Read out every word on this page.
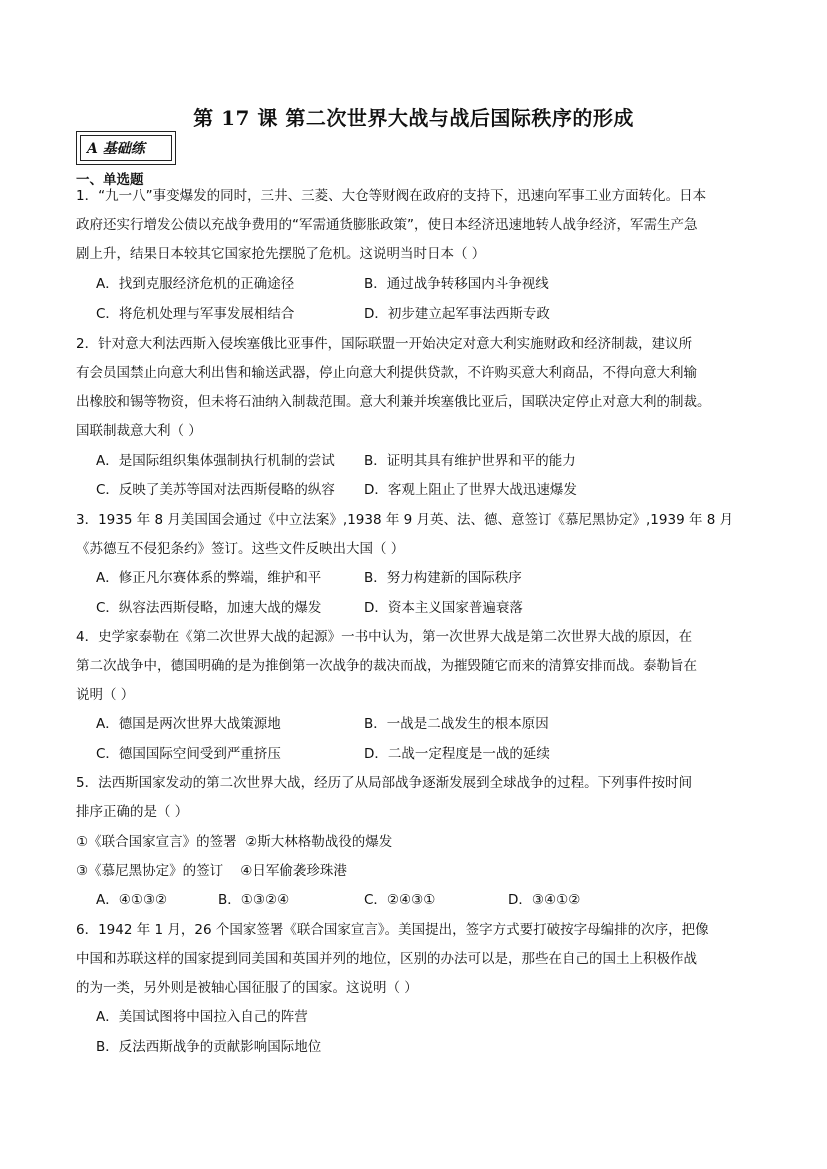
第 17 课 第二次世界大战与战后国际秩序的形成
A 基础练
一、单选题
1．“九一八”事变爆发的同时，三井、三菱、大仓等财阀在政府的支持下，迅速向军事工业方面转化。日本
政府还实行增发公债以充战争费用的“军需通货膨胀政策”，使日本经济迅速地转人战争经济，军需生产急
剧上升，结果日本较其它国家抢先摆脱了危机。这说明当时日本（ ）
A．找到克服经济危机的正确途径	B．通过战争转移国内斗争视线
C．将危机处理与军事发展相结合	D．初步建立起军事法西斯专政
2．针对意大利法西斯入侵埃塞俄比亚事件，国际联盟一开始决定对意大利实施财政和经济制裁，建议所
有会员国禁止向意大利出售和输送武器，停止向意大利提供贷款，不许购买意大利商品，不得向意大利输
出橡胶和锡等物资，但未将石油纳入制裁范围。意大利兼并埃塞俄比亚后，国联决定停止对意大利的制裁。
国联制裁意大利（ ）
A．是国际组织集体强制执行机制的尝试 B．证明其具有维护世界和平的能力
C．反映了美苏等国对法西斯侵略的纵容 D．客观上阻止了世界大战迅速爆发
3．1935 年 8 月美国国会通过《中立法案》,1938 年 9 月英、法、德、意签订《慕尼黑协定》,1939 年 8 月
《苏德互不侵犯条约》签订。这些文件反映出大国（ ）
A．修正凡尔赛体系的弊端，维护和平	B．努力构建新的国际秩序
C．纵容法西斯侵略，加速大战的爆发	D．资本主义国家普遍衰落
4．史学家泰勒在《第二次世界大战的起源》一书中认为，第一次世界大战是第二次世界大战的原因，在
第二次战争中，德国明确的是为推倒第一次战争的裁决而战，为摧毁随它而来的清算安排而战。泰勒旨在
说明（ ）
A．德国是两次世界大战策源地	B．一战是二战发生的根本原因
C．德国国际空间受到严重挤压	D．二战一定程度是一战的延续
5．法西斯国家发动的第二次世界大战，经历了从局部战争逐渐发展到全球战争的过程。下列事件按时间
排序正确的是（ ）
①《联合国家宣言》的签署  ②斯大林格勒战役的爆发
③《慕尼黑协定》的签订    ④日军偷袭珍珠港
A．④①③②	B．①③②④	C．②④③①	D．③④①②
6．1942 年 1 月，26 个国家签署《联合国家宣言》。美国提出，签字方式要打破按字母编排的次序，把像
中国和苏联这样的国家提到同美国和英国并列的地位，区别的办法可以是，那些在自己的国土上积极作战
的为一类，另外则是被轴心国征服了的国家。这说明（ ）
A．美国试图将中国拉入自己的阵营
B．反法西斯战争的贡献影响国际地位
